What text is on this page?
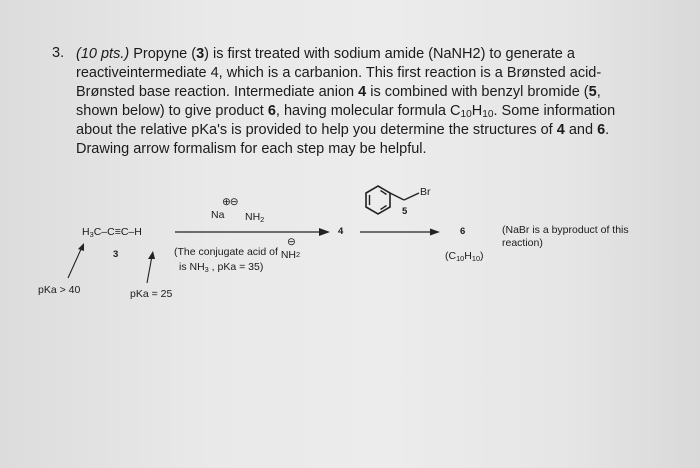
3. (10 pts.) Propyne (3) is first treated with sodium amide (NaNH2) to generate a
reactiveintermediate 4, which is a carbanion. This first reaction is a Brønsted acid-
Brønsted base reaction. Intermediate anion 4 is combined with benzyl bromide (5,
shown below) to give product 6, having molecular formula $C_{10}H_{10}$. Some information
about the relative pKa's is provided to help you determine the structures of 4 and 6.
Drawing arrow formalism for each step may be helpful.
⊕⊖
Na $NH_2$
$H_3C-C\equiv C-H$
3
⊖
(The conjugate acid of $NH_2$
is $NH_3$ , pKa = 35)
4
Br
5
6
$(C_{10}H_{10})$
(NaBr is a byproduct of this
reaction)
pKa > 40	pKa = 25
